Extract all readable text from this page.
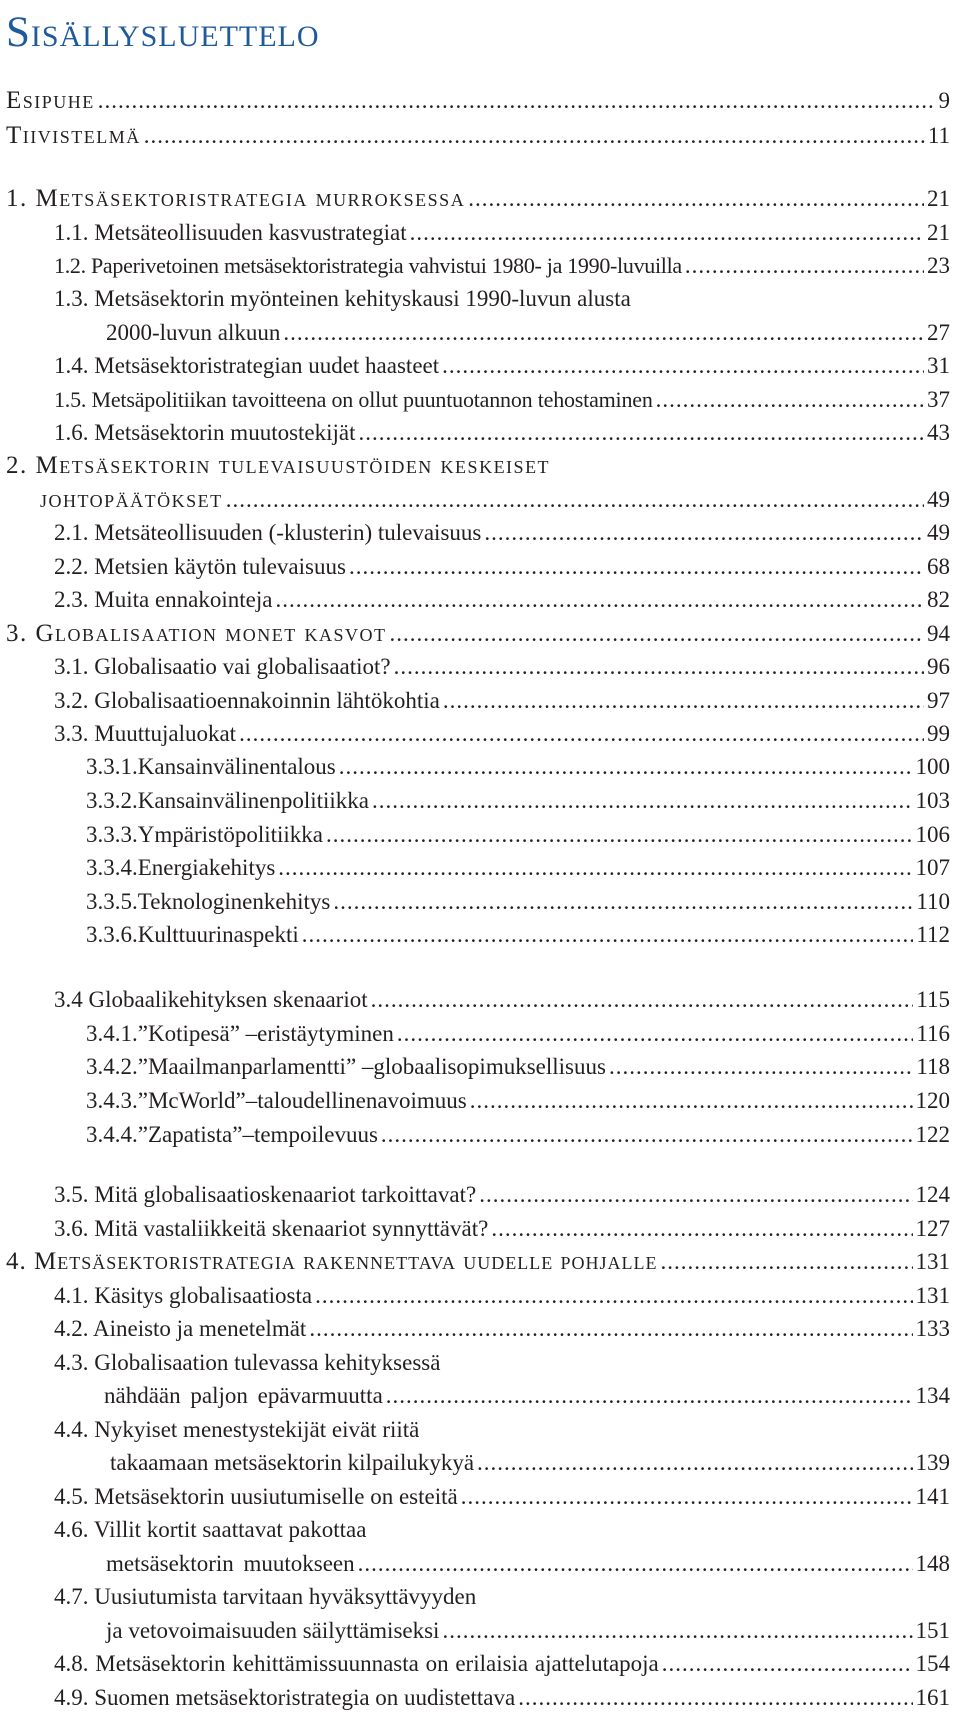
Sisällysluettelo
Esipuhe .....	9
Tiivistelmä .....	11
1. Metsäsektoristrategia murroksessa .....	21
1.1. Metsäteollisuuden kasvustrategiat .....	21
1.2. Paperivetoinen metsäsektoristrategia vahvistui 1980- ja 1990-luvuilla .....	23
1.3. Metsäsektorin myönteinen kehityskausi 1990-luvun alusta
2000-luvun alkuun .....	27
1.4. Metsäsektoristrategian uudet haasteet .....	31
1.5. Metsäpolitiikan tavoitteena on ollut puuntuotannon tehostaminen .....	37
1.6. Metsäsektorin muutostekijät .....	43
2. Metsäsektorin tulevaisuustöiden keskeiset
johtopäätökset .....	49
2.1. Metsäteollisuuden (-klusterin) tulevaisuus .....	49
2.2. Metsien käytön tulevaisuus .....	68
2.3. Muita ennakointeja .....	82
3. Globalisaation monet kasvot .....	94
3.1. Globalisaatio vai globalisaatiot? .....	96
3.2. Globalisaatioennakoinnin lähtökohtia .....	97
3.3. Muuttujaluokat .....	99
3.3.1.Kansainvälinentalous .....	100
3.3.2.Kansainvälinenpolitiikka .....	103
3.3.3.Ympäristöpolitiikka .....	106
3.3.4.Energiakehitys .....	107
3.3.5.Teknologinenkehitys .....	110
3.3.6.Kulttuurinaspekti .....	112
3.4 Globaalikehityksen skenaariot .....	115
3.4.1.”Kotipesä” –eristäytyminen .....	116
3.4.2.”Maailmanparlamentti” –globaalisopimuksellisuus .....	118
3.4.3.”McWorld”–taloudellinenavoimuus .....	120
3.4.4.”Zapatista”–tempoilevuus .....	122
3.5. Mitä globalisaatioskenaariot tarkoittavat? .....	124
3.6. Mitä vastaliikkeitä skenaariot synnyttävät? .....	127
4. Metsäsektoristrategia rakennettava uudelle pohjalle .....	131
4.1. Käsitys globalisaatiosta .....	131
4.2. Aineisto ja menetelmät .....	133
4.3. Globalisaation tulevassa kehityksessä
nähdään paljon epävarmuutta .....	134
4.4. Nykyiset menestystekijät eivät riitä
takaamaan metsäsektorin kilpailukykyä .....	139
4.5. Metsäsektorin uusiutumiselle on esteitä .....	141
4.6. Villit kortit saattavat pakottaa
metsäsektorin muutokseen .....	148
4.7. Uusiutumista tarvitaan hyväksyttävyyden
ja vetovoimaisuuden säilyttämiseksi .....	151
4.8. Metsäsektorin kehittämissuunnasta on erilaisia ajattelutapoja .....	154
4.9. Suomen metsäsektoristrategia on uudistettava .....	161
